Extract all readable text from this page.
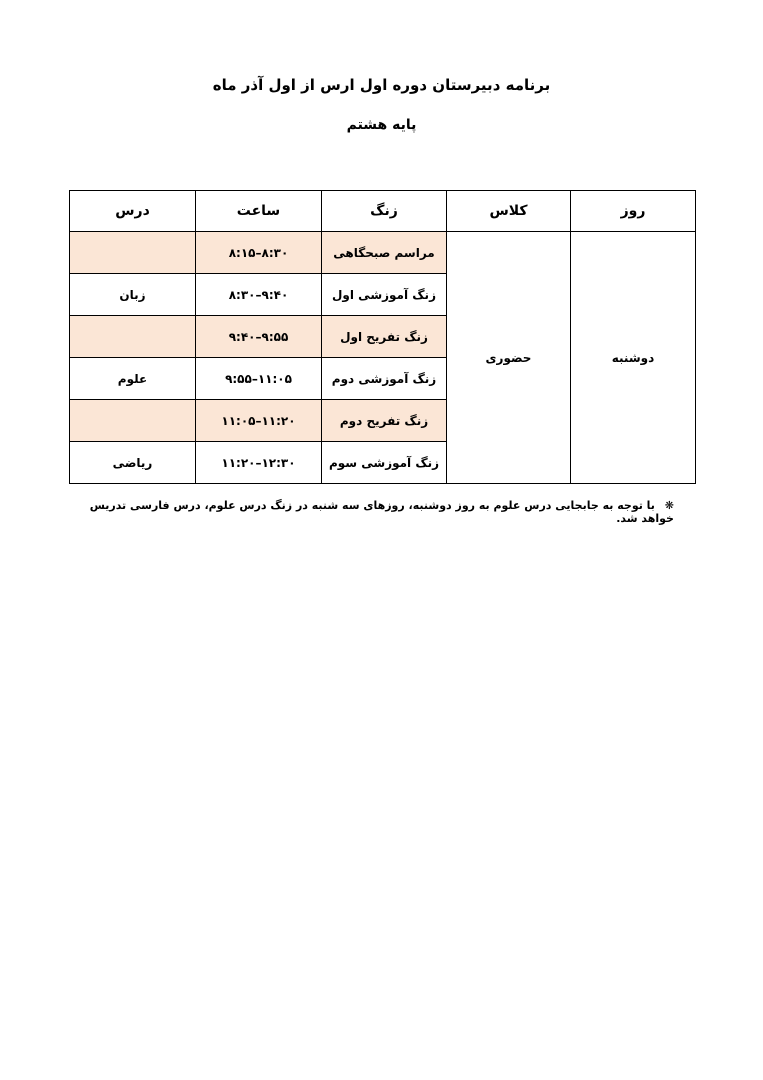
برنامه دبیرستان دوره اول ارس از اول آذر ماه
پایه هشتم
روز	کلاس	زنگ	ساعت	درس
دوشنبه	حضوری	مراسم صبحگاهی	۸:۱۵–۸:۳۰	
		زنگ آموزشی اول	۸:۳۰–۹:۴۰	زبان
		زنگ تفریح اول	۹:۴۰–۹:۵۵	
		زنگ آموزشی دوم	۹:۵۵–۱۱:۰۵	علوم
		زنگ تفریح دوم	۱۱:۰۵–۱۱:۲۰	
		زنگ آموزشی سوم	۱۱:۲۰–۱۲:۳۰	ریاضی
❋ با توجه به جابجایی درس علوم به روز دوشنبه، روزهای سه شنبه در زنگ درس علوم، درس فارسی تدریس خواهد شد.
